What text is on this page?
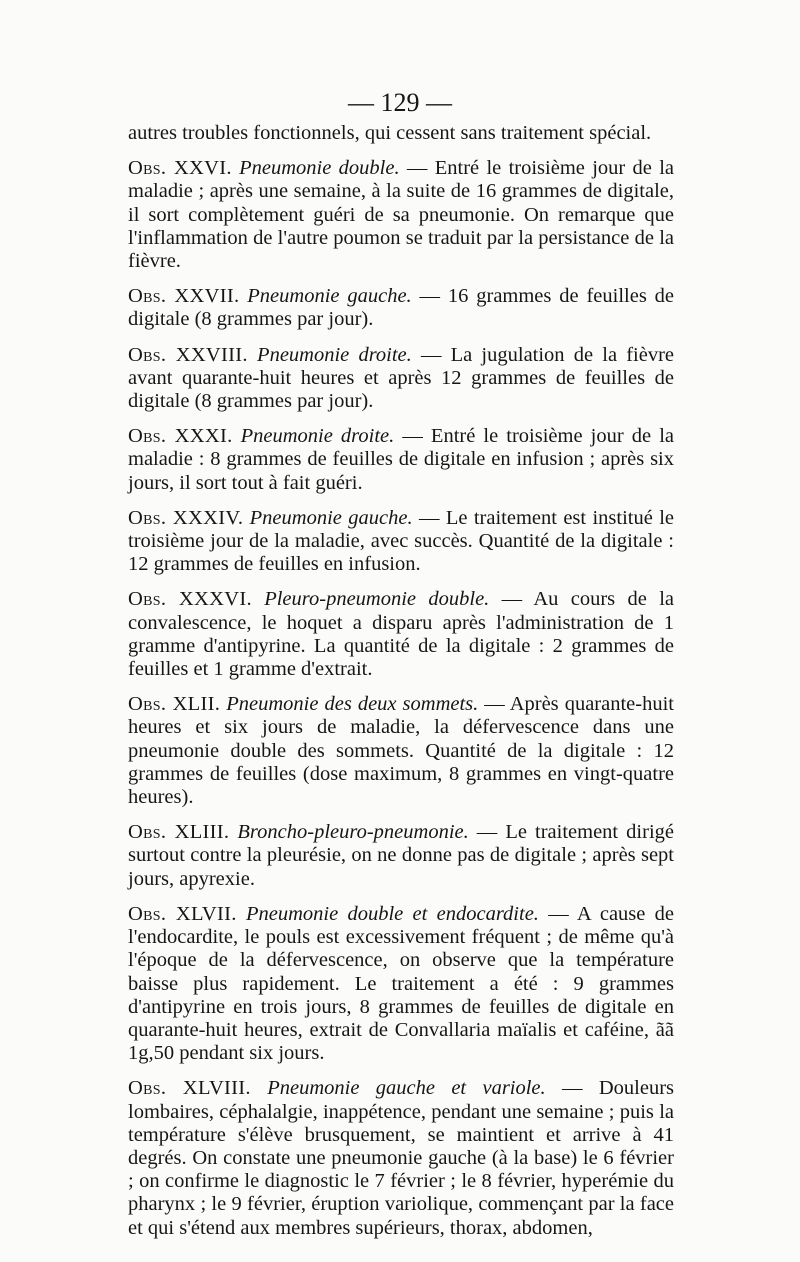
— 129 —

autres troubles fonctionnels, qui cessent sans traitement spécial.

Obs. XXVI. Pneumonie double. — Entré le troisième jour de la maladie ; après une semaine, à la suite de 16 grammes de digitale, il sort complètement guéri de sa pneumonie. On remarque que l'inflammation de l'autre poumon se traduit par la persistance de la fièvre.

Obs. XXVII. Pneumonie gauche. — 16 grammes de feuilles de digitale (8 grammes par jour).

Obs. XXVIII. Pneumonie droite. — La jugulation de la fièvre avant quarante-huit heures et après 12 grammes de feuilles de digitale (8 grammes par jour).

Obs. XXXI. Pneumonie droite. — Entré le troisième jour de la maladie : 8 grammes de feuilles de digitale en infusion ; après six jours, il sort tout à fait guéri.

Obs. XXXIV. Pneumonie gauche. — Le traitement est institué le troisième jour de la maladie, avec succès. Quantité de la digitale : 12 grammes de feuilles en infusion.

Obs. XXXVI. Pleuro-pneumonie double. — Au cours de la convalescence, le hoquet a disparu après l'administration de 1 gramme d'antipyrine. La quantité de la digitale : 2 grammes de feuilles et 1 gramme d'extrait.

Obs. XLII. Pneumonie des deux sommets. — Après quarante-huit heures et six jours de maladie, la défervescence dans une pneumonie double des sommets. Quantité de la digitale : 12 grammes de feuilles (dose maximum, 8 grammes en vingt-quatre heures).

Obs. XLIII. Broncho-pleuro-pneumonie. — Le traitement dirigé surtout contre la pleurésie, on ne donne pas de digitale ; après sept jours, apyrexie.

Obs. XLVII. Pneumonie double et endocardite. — A cause de l'endocardite, le pouls est excessivement fréquent ; de même qu'à l'époque de la défervescence, on observe que la température baisse plus rapidement. Le traitement a été : 9 grammes d'antipyrine en trois jours, 8 grammes de feuilles de digitale en quarante-huit heures, extrait de Convallaria maïalis et caféine, ãã 1g,50 pendant six jours.

Obs. XLVIII. Pneumonie gauche et variole. — Douleurs lombaires, céphalalgie, inappétence, pendant une semaine ; puis la température s'élève brusquement, se maintient et arrive à 41 degrés. On constate une pneumonie gauche (à la base) le 6 février ; on confirme le diagnostic le 7 février ; le 8 février, hyperémie du pharynx ; le 9 février, éruption variolique, commençant par la face et qui s'étend aux membres supérieurs, thorax, abdomen,
